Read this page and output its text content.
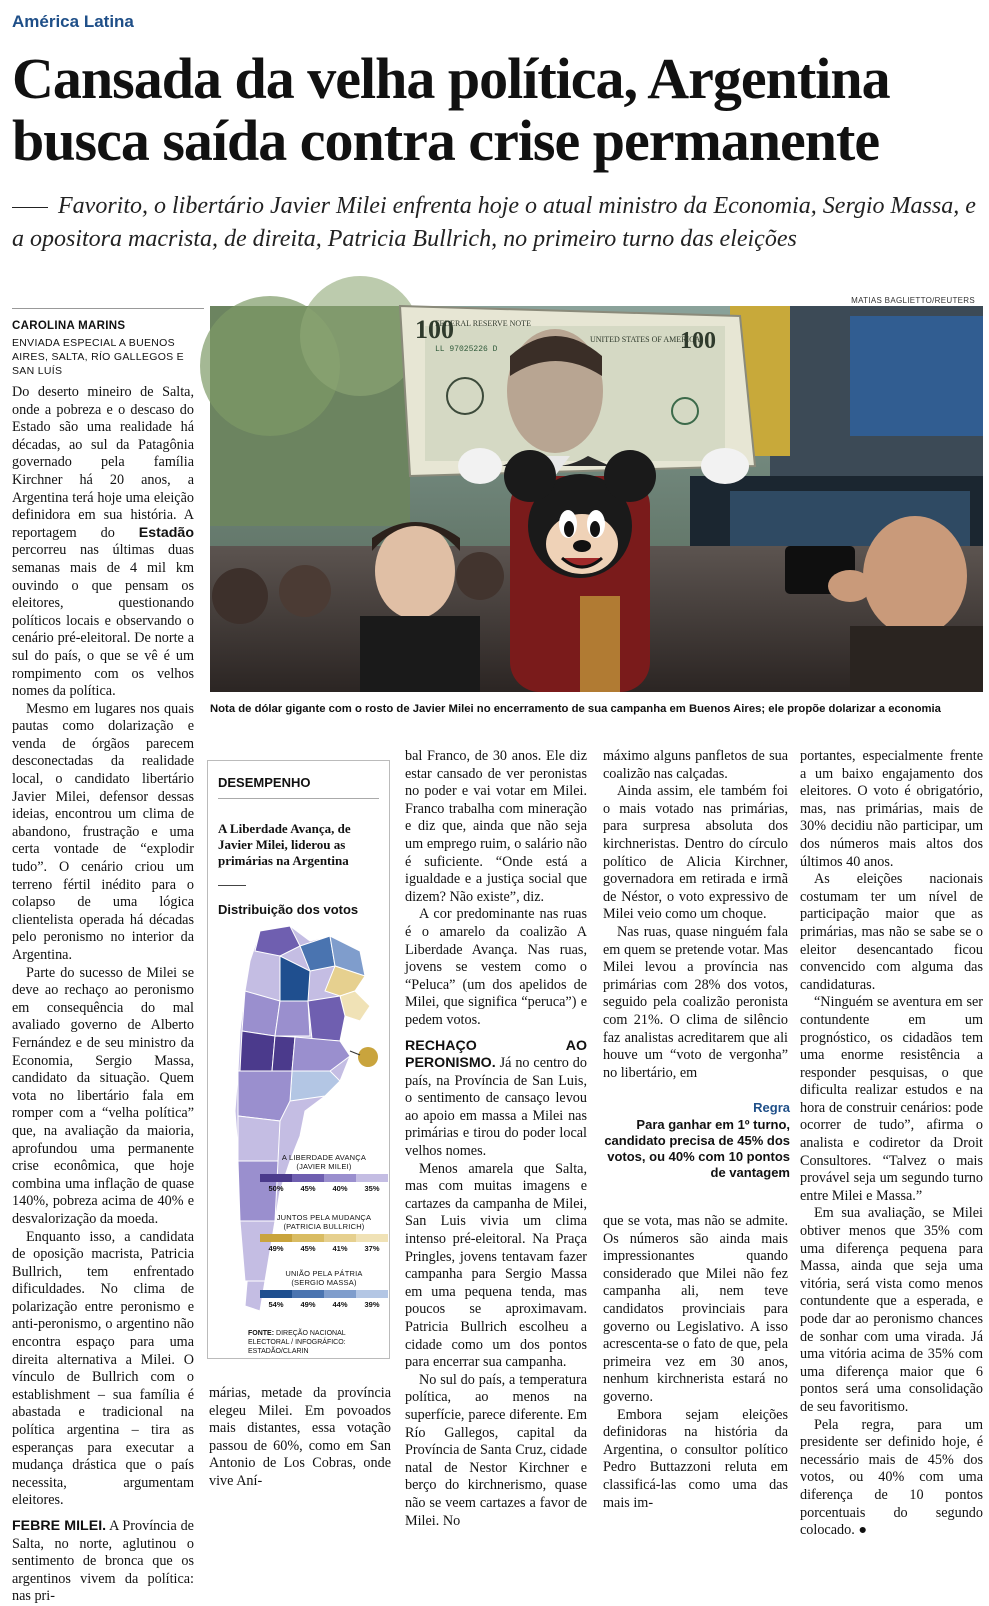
América Latina
Cansada da velha política, Argentina
busca saída contra crise permanente
Favorito, o libertário Javier Milei enfrenta hoje o atual ministro da Economia, Sergio Massa, e a opositora macrista, de direita, Patricia Bullrich, no primeiro turno das eleições
CAROLINA MARINS
ENVIADA ESPECIAL A BUENOS AIRES, SALTA, RÍO GALLEGOS E SAN LUÍS
MATIAS BAGLIETTO/REUTERS
100	100
FEDERAL RESERVE NOTE
UNITED STATES OF AMERICA
LL 97025226 D
Nota de dólar gigante com o rosto de Javier Milei no encerramento de sua campanha em Buenos Aires; ele propõe dolarizar a economia

Do deserto mineiro de Salta, onde a pobreza e o descaso do Estado são uma realidade há décadas, ao sul da Patagônia governado pela família Kirchner há 20 anos, a Argentina terá hoje uma eleição definidora em sua história. A reportagem do Estadão percorreu nas últimas duas semanas mais de 4 mil km ouvindo o que pensam os eleitores, questionando políticos locais e observando o cenário pré-eleitoral. De norte a sul do país, o que se vê é um rompimento com os velhos nomes da política.

Mesmo em lugares nos quais pautas como dolarização e venda de órgãos parecem desconectadas da realidade local, o candidato libertário Javier Milei, defensor dessas ideias, encontrou um clima de abandono, frustração e uma certa vontade de “explodir tudo”. O cenário criou um terreno fértil inédito para o colapso de uma lógica clientelista operada há décadas pelo peronismo no interior da Argentina.

Parte do sucesso de Milei se deve ao rechaço ao peronismo em consequência do mal avaliado governo de Alberto Fernández e de seu ministro da Economia, Sergio Massa, candidato da situação. Quem vota no libertário fala em romper com a “velha política” que, na avaliação da maioria, aprofundou uma permanente crise econômica, que hoje combina uma inflação de quase 140%, pobreza acima de 40% e desvalorização da moeda.

Enquanto isso, a candidata de oposição macrista, Patricia Bullrich, tem enfrentado dificuldades. No clima de polarização entre peronismo e anti-peronismo, o argentino não encontra espaço para uma direita alternativa a Milei. O vínculo de Bullrich com o establishment – sua família é abastada e tradicional na política argentina – tira as esperanças para executar a mudança drástica que o país necessita, argumentam eleitores.

FEBRE MILEI. A Província de Salta, no norte, aglutinou o sentimento de bronca que os argentinos vivem da política: nas pri-

DESEMPENHO
A Liberdade Avança, de Javier Milei, liderou as primárias na Argentina
Distribuição dos votos
A LIBERDADE AVANÇA
(JAVIER MILEI)
50%	45%	40%	35%
JUNTOS PELA MUDANÇA
(PATRICIA BULLRICH)
49%	45%	41%	37%
UNIÃO PELA PÁTRIA
(SERGIO MASSA)
54%	49%	44%	39%
FONTE: DIREÇÃO NACIONAL ELECTORAL / INFOGRÁFICO: ESTADÃO/CLARIN

márias, metade da província elegeu Milei. Em povoados mais distantes, essa votação passou de 60%, como em San Antonio de Los Cobras, onde vive Aní-

bal Franco, de 30 anos. Ele diz estar cansado de ver peronistas no poder e vai votar em Milei. Franco trabalha com mineração e diz que, ainda que não seja um emprego ruim, o salário não é suficiente. “Onde está a igualdade e a justiça social que dizem? Não existe”, diz.

A cor predominante nas ruas é o amarelo da coalizão A Liberdade Avança. Nas ruas, jovens se vestem como o “Peluca” (um dos apelidos de Milei, que significa “peruca”) e pedem votos.

RECHAÇO AO PERONISMO. Já no centro do país, na Província de San Luis, o sentimento de cansaço levou ao apoio em massa a Milei nas primárias e tirou do poder local velhos nomes.

Menos amarela que Salta, mas com muitas imagens e cartazes da campanha de Milei, San Luis vivia um clima intenso pré-eleitoral. Na Praça Pringles, jovens tentavam fazer campanha para Sergio Massa em uma pequena tenda, mas poucos se aproximavam. Patricia Bullrich escolheu a cidade como um dos pontos para encerrar sua campanha.

No sul do país, a temperatura política, ao menos na superfície, parece diferente. Em Río Gallegos, capital da Província de Santa Cruz, cidade natal de Nestor Kirchner e berço do kirchnerismo, quase não se veem cartazes a favor de Milei. No

máximo alguns panfletos de sua coalizão nas calçadas.

Ainda assim, ele também foi o mais votado nas primárias, para surpresa absoluta dos kirchneristas. Dentro do círculo político de Alicia Kirchner, governadora em retirada e irmã de Néstor, o voto expressivo de Milei veio como um choque.

Nas ruas, quase ninguém fala em quem se pretende votar. Mas Milei levou a província nas primárias com 28% dos votos, seguido pela coalizão peronista com 21%. O clima de silêncio faz analistas acreditarem que ali houve um “voto de vergonha” no libertário, em

Regra
Para ganhar em 1º turno, candidato precisa de 45% dos votos, ou 40% com 10 pontos de vantagem

que se vota, mas não se admite. Os números são ainda mais impressionantes quando considerado que Milei não fez campanha ali, nem teve candidatos provinciais para governo ou Legislativo. A isso acrescenta-se o fato de que, pela primeira vez em 30 anos, nenhum kirchnerista estará no governo.

Embora sejam eleições definidoras na história da Argentina, o consultor político Pedro Buttazzoni reluta em classificá-las como uma das mais im-

portantes, especialmente frente a um baixo engajamento dos eleitores. O voto é obrigatório, mas, nas primárias, mais de 30% decidiu não participar, um dos números mais altos dos últimos 40 anos.

As eleições nacionais costumam ter um nível de participação maior que as primárias, mas não se sabe se o eleitor desencantado ficou convencido com alguma das candidaturas.

“Ninguém se aventura em ser contundente em um prognóstico, os cidadãos tem uma enorme resistência a responder pesquisas, o que dificulta realizar estudos e na hora de construir cenários: pode ocorrer de tudo”, afirma o analista e codiretor da Droit Consultores. “Talvez o mais provável seja um segundo turno entre Milei e Massa.”

Em sua avaliação, se Milei obtiver menos que 35% com uma diferença pequena para Massa, ainda que seja uma vitória, será vista como menos contundente que a esperada, e pode dar ao peronismo chances de sonhar com uma virada. Já uma vitória acima de 35% com uma diferença maior que 6 pontos será uma consolidação de seu favoritismo.

Pela regra, para um presidente ser definido hoje, é necessário mais de 45% dos votos, ou 40% com uma diferença de 10 pontos porcentuais do segundo colocado. ●
